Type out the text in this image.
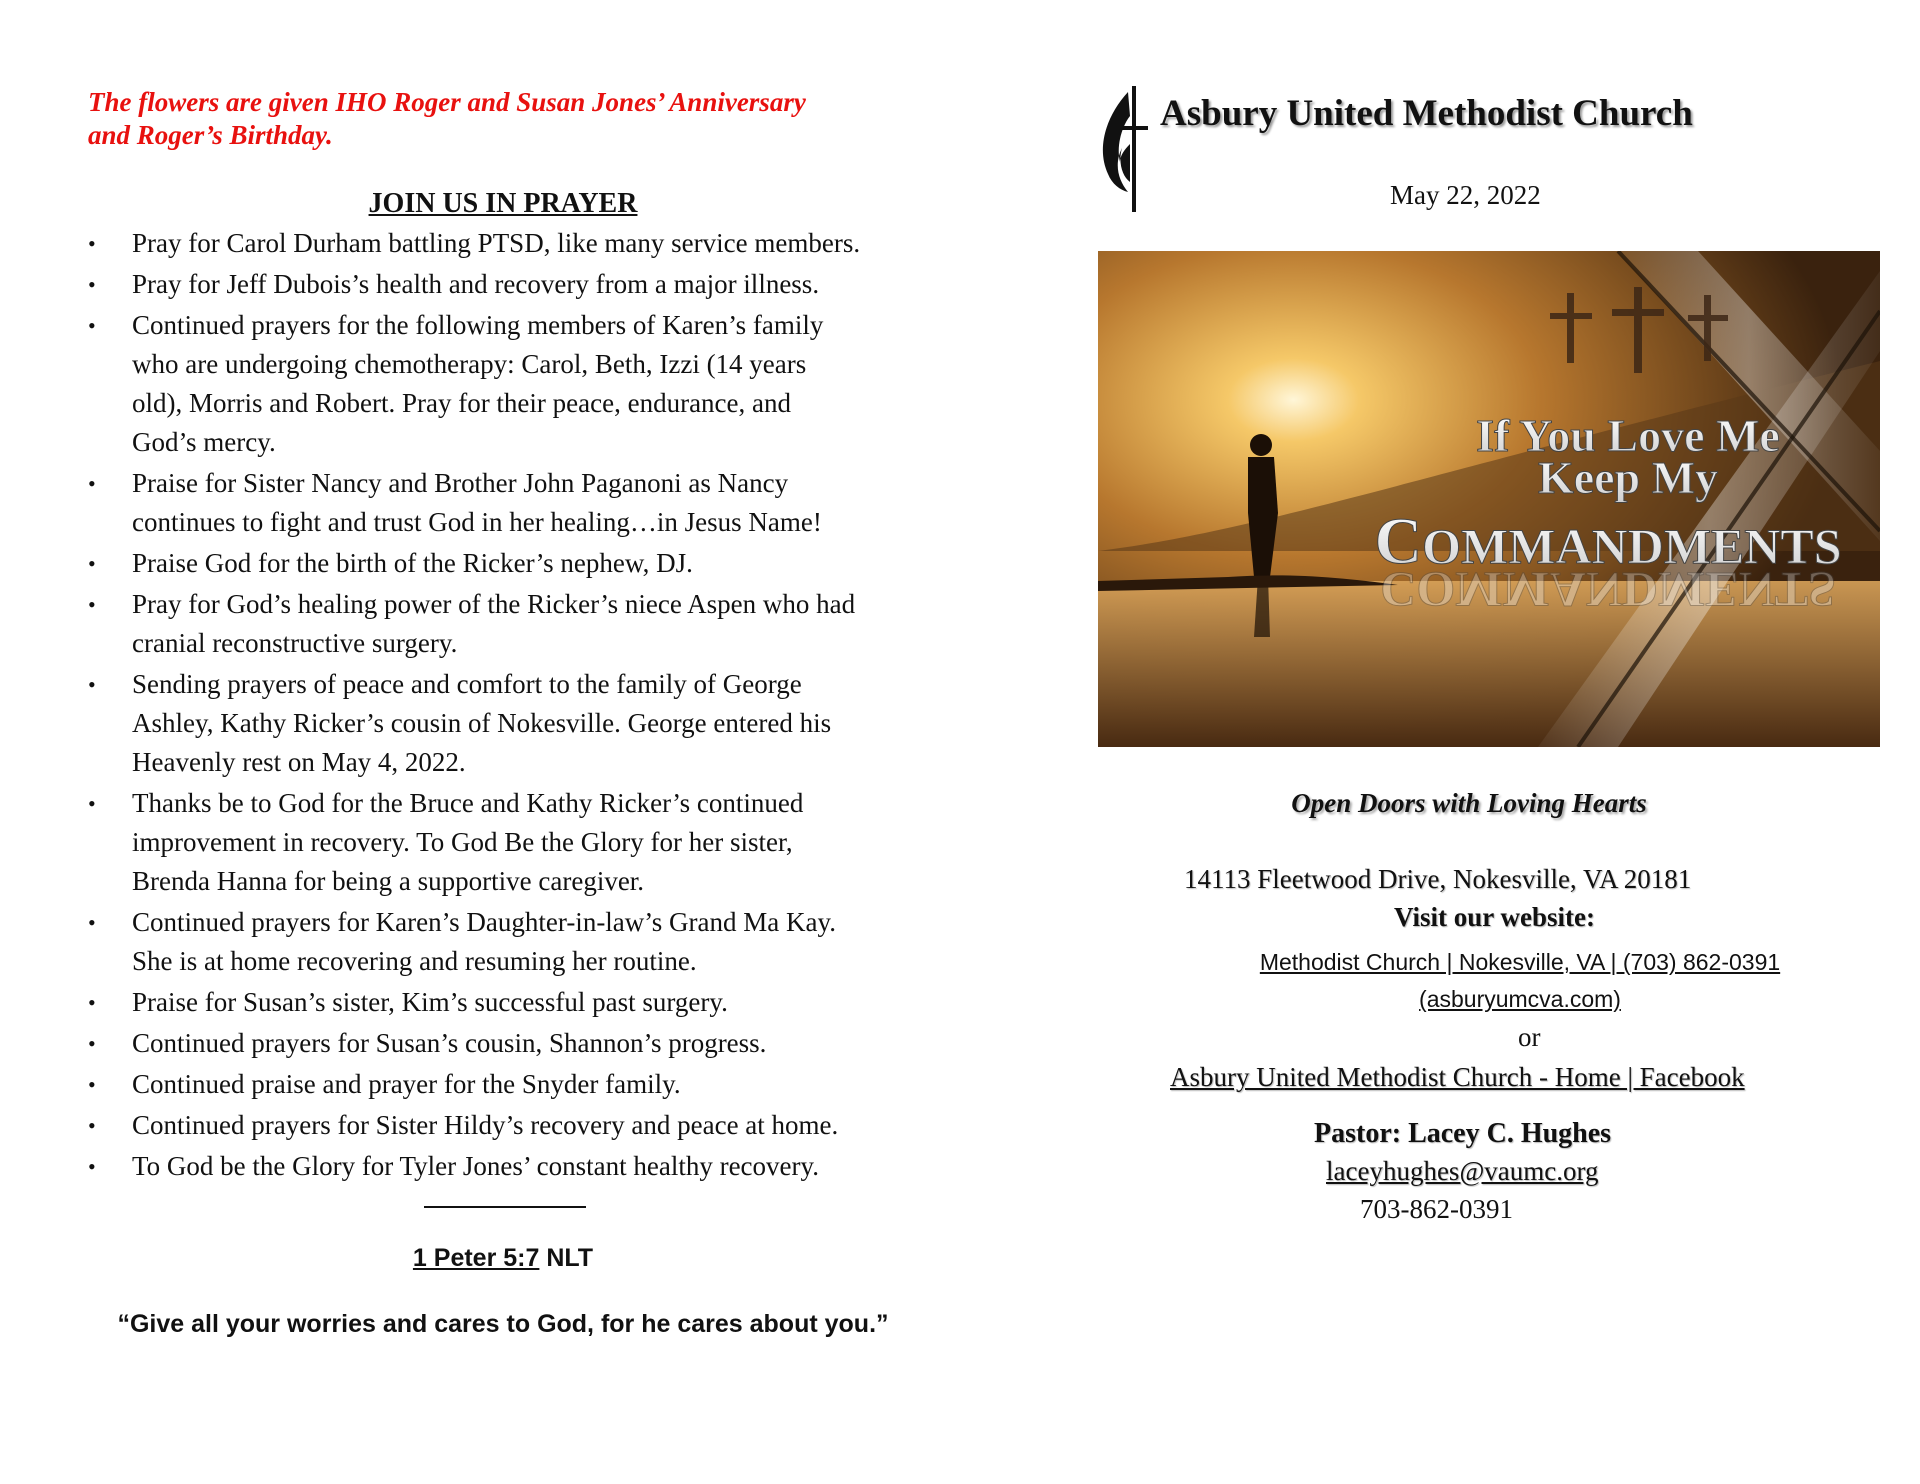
The flowers are given IHO Roger and Susan Jones’ Anniversary
and Roger’s Birthday.
JOIN US IN PRAYER
• Pray for Carol Durham battling PTSD, like many service members.
• Pray for Jeff Dubois’s health and recovery from a major illness.
• Continued prayers for the following members of Karen’s family
who are undergoing chemotherapy: Carol, Beth, Izzi (14 years
old), Morris and Robert. Pray for their peace, endurance, and
God’s mercy.
• Praise for Sister Nancy and Brother John Paganoni as Nancy
continues to fight and trust God in her healing…in Jesus Name!
• Praise God for the birth of the Ricker’s nephew, DJ.
• Pray for God’s healing power of the Ricker’s niece Aspen who had
cranial reconstructive surgery.
• Sending prayers of peace and comfort to the family of George
Ashley, Kathy Ricker’s cousin of Nokesville. George entered his
Heavenly rest on May 4, 2022.
• Thanks be to God for the Bruce and Kathy Ricker’s continued
improvement in recovery. To God Be the Glory for her sister,
Brenda Hanna for being a supportive caregiver.
• Continued prayers for Karen’s Daughter-in-law’s Grand Ma Kay.
She is at home recovering and resuming her routine.
• Praise for Susan’s sister, Kim’s successful past surgery.
• Continued prayers for Susan’s cousin, Shannon’s progress.
• Continued praise and prayer for the Snyder family.
• Continued prayers for Sister Hildy’s recovery and peace at home.
• To God be the Glory for Tyler Jones’ constant healthy recovery.
1 Peter 5:7 NLT
“Give all your worries and cares to God, for he cares about you.”
Asbury United Methodist Church
May 22, 2022
If You Love Me
Keep My
COMMANDMENTS
COMMANDMENTS
Open Doors with Loving Hearts
14113 Fleetwood Drive, Nokesville, VA 20181
Visit our website:
Methodist Church | Nokesville, VA | (703) 862-0391
(asburyumcva.com)
or
Asbury United Methodist Church - Home | Facebook
Pastor: Lacey C. Hughes
laceyhughes@vaumc.org
703-862-0391
